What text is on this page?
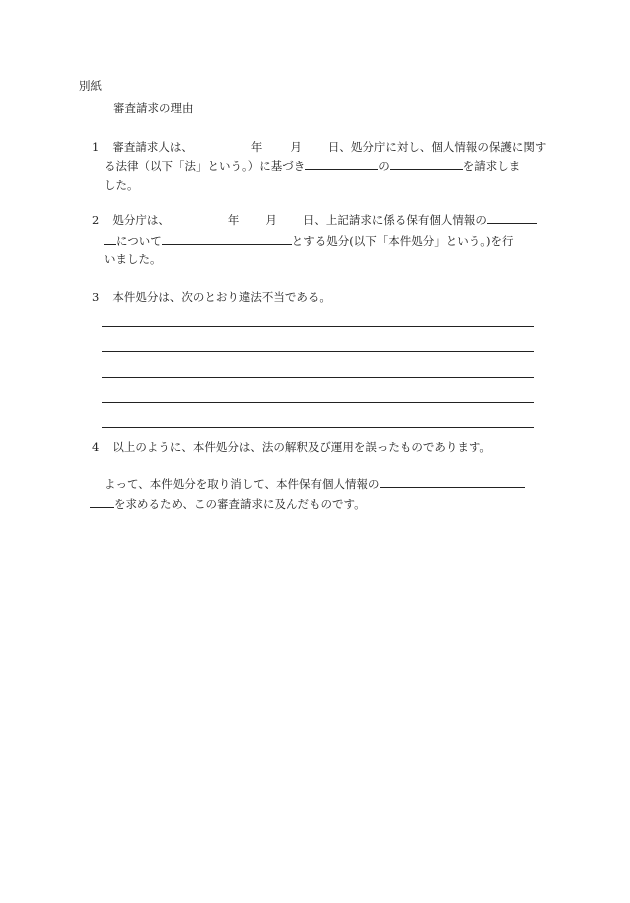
別紙
審査請求の理由
1 審査請求人は、	年 月 日、処分庁に対し、個人情報の保護に関す
る法律（以下「法」という。）に基づき	の	を請求しま
した。
2 処分庁は、	年 月 日、上記請求に係る保有個人情報の
について	とする処分(以下「本件処分」という。)を行
いました。
3 本件処分は、次のとおり違法不当である。
4 以上のように、本件処分は、法の解釈及び運用を誤ったものであります。
よって、本件処分を取り消して、本件保有個人情報の
を求めるため、この審査請求に及んだものです。
